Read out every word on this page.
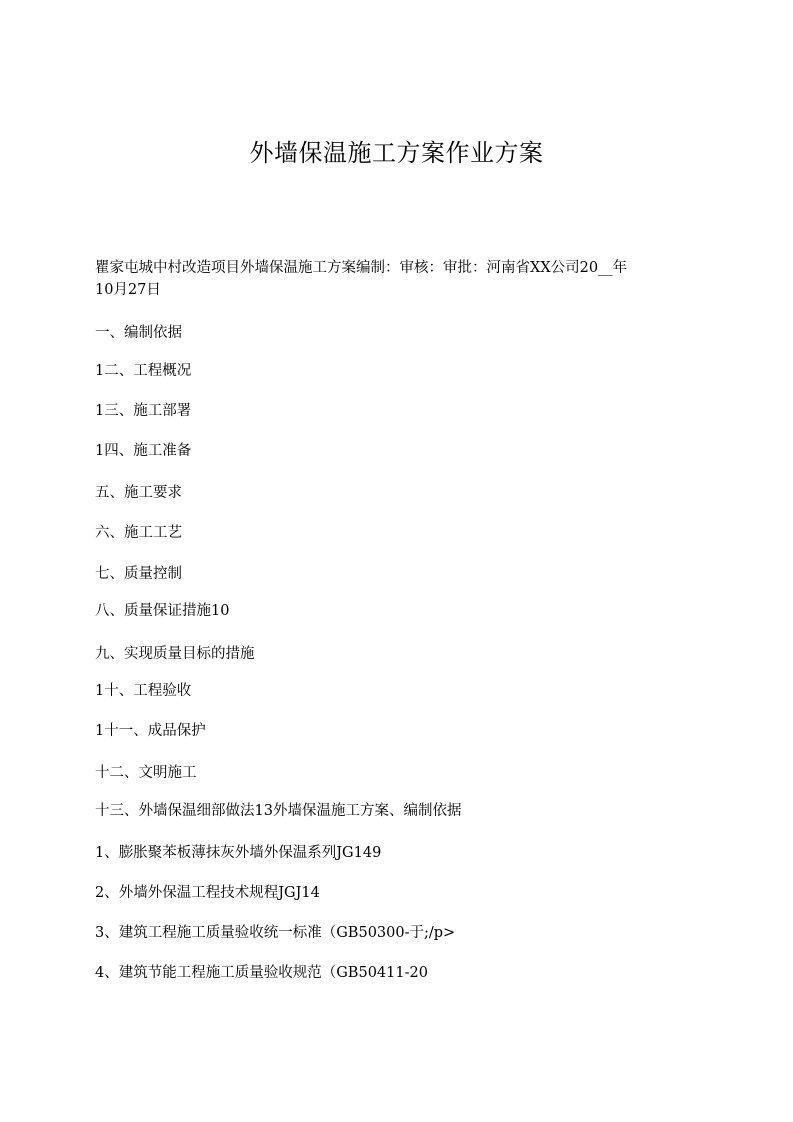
外墙保温施工方案作业方案
瞿家屯城中村改造项目外墙保温施工方案编制：审核：审批：河南省XX公司20__年
10月27日
一、编制依据
1二、工程概况
1三、施工部署
1四、施工准备
五、施工要求
六、施工工艺
七、质量控制
八、质量保证措施10
九、实现质量目标的措施
1十、工程验收
1十一、成品保护
十二、文明施工
十三、外墙保温细部做法13外墙保温施工方案、编制依据
1、膨胀聚苯板薄抹灰外墙外保温系列JG149
2、外墙外保温工程技术规程JGJ14
3、建筑工程施工质量验收统一标准（GB50300-于;/p>
4、建筑节能工程施工质量验收规范（GB50411-20
